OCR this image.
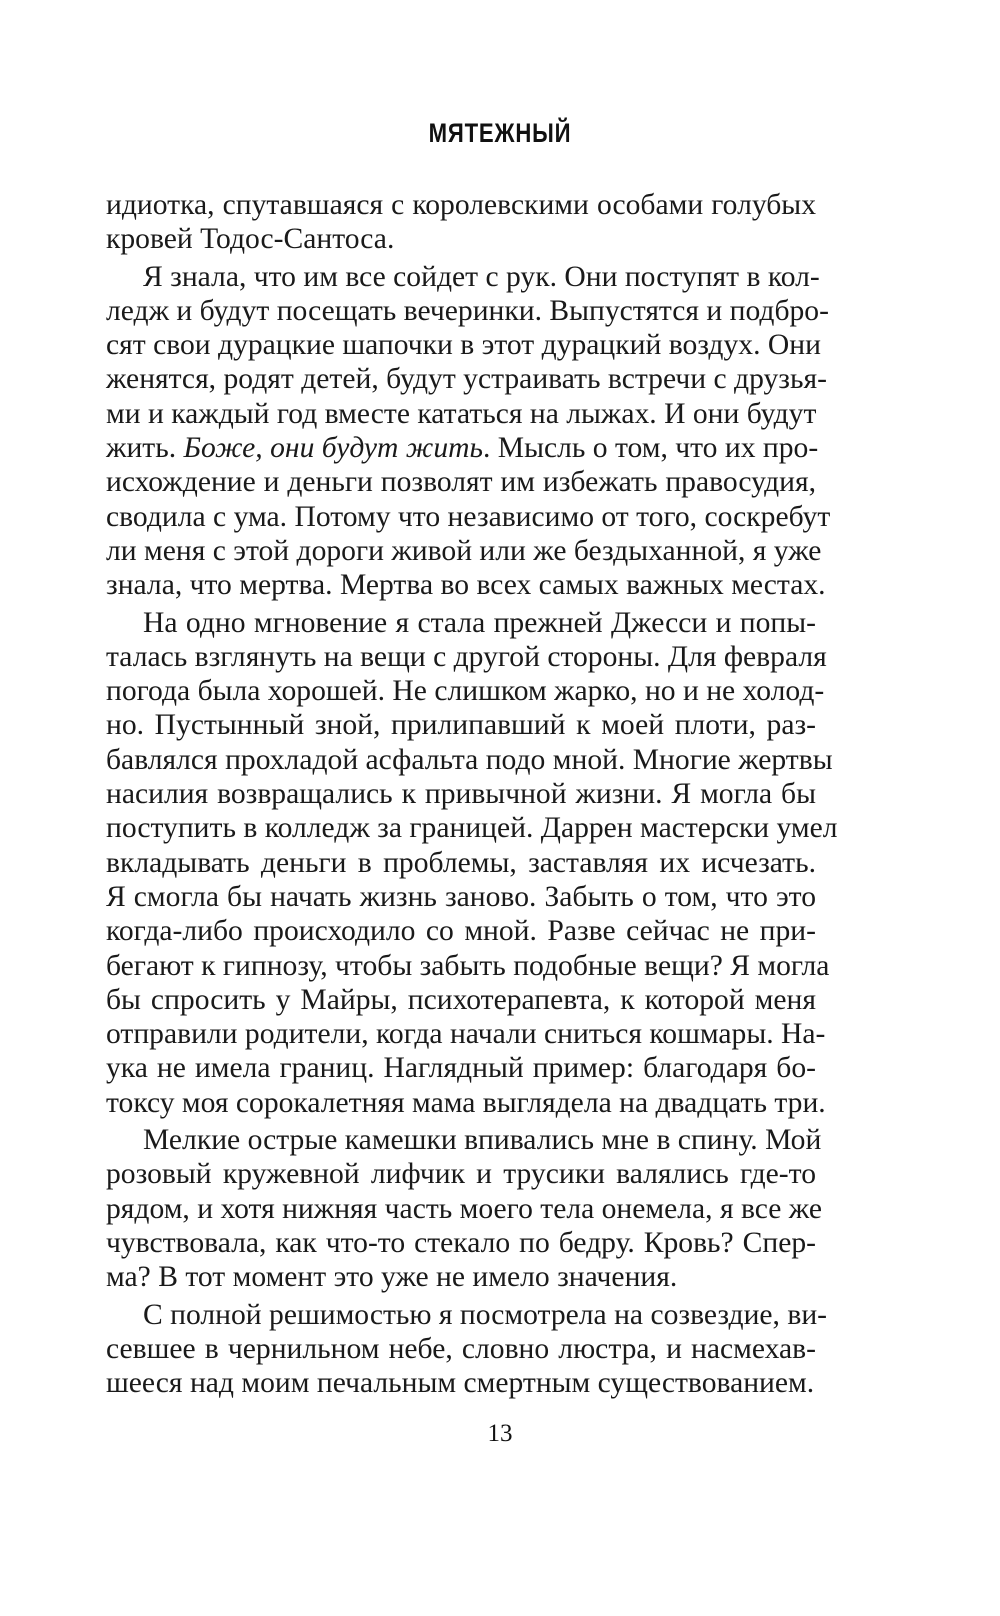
МЯТЕЖНЫЙ
идиотка, спутавшаяся с королевскими особами голубых
кровей Тодос-Сантоса.
Я знала, что им все сойдет с рук. Они поступят в кол-
ледж и будут посещать вечеринки. Выпустятся и подбро-
сят свои дурацкие шапочки в этот дурацкий воздух. Они
женятся, родят детей, будут устраивать встречи с друзья-
ми и каждый год вместе кататься на лыжах. И они будут
жить. Боже, они будут жить. Мысль о том, что их про-
исхождение и деньги позволят им избежать правосудия,
сводила с ума. Потому что независимо от того, соскребут
ли меня с этой дороги живой или же бездыханной, я уже
знала, что мертва. Мертва во всех самых важных местах.
На одно мгновение я стала прежней Джесси и попы-
талась взглянуть на вещи с другой стороны. Для февраля
погода была хорошей. Не слишком жарко, но и не холод-
но. Пустынный зной, прилипавший к моей плоти, раз-
бавлялся прохладой асфальта подо мной. Многие жертвы
насилия возвращались к привычной жизни. Я могла бы
поступить в колледж за границей. Даррен мастерски умел
вкладывать деньги в проблемы, заставляя их исчезать.
Я смогла бы начать жизнь заново. Забыть о том, что это
когда-либо происходило со мной. Разве сейчас не при-
бегают к гипнозу, чтобы забыть подобные вещи? Я могла
бы спросить у Майры, психотерапевта, к которой меня
отправили родители, когда начали сниться кошмары. На-
ука не имела границ. Наглядный пример: благодаря бо-
токсу моя сорокалетняя мама выглядела на двадцать три.
Мелкие острые камешки впивались мне в спину. Мой
розовый кружевной лифчик и трусики валялись где-то
рядом, и хотя нижняя часть моего тела онемела, я все же
чувствовала, как что-то стекало по бедру. Кровь? Спер-
ма? В тот момент это уже не имело значения.
С полной решимостью я посмотрела на созвездие, ви-
севшее в чернильном небе, словно люстра, и насмехав-
шееся над моим печальным смертным существованием.
13
